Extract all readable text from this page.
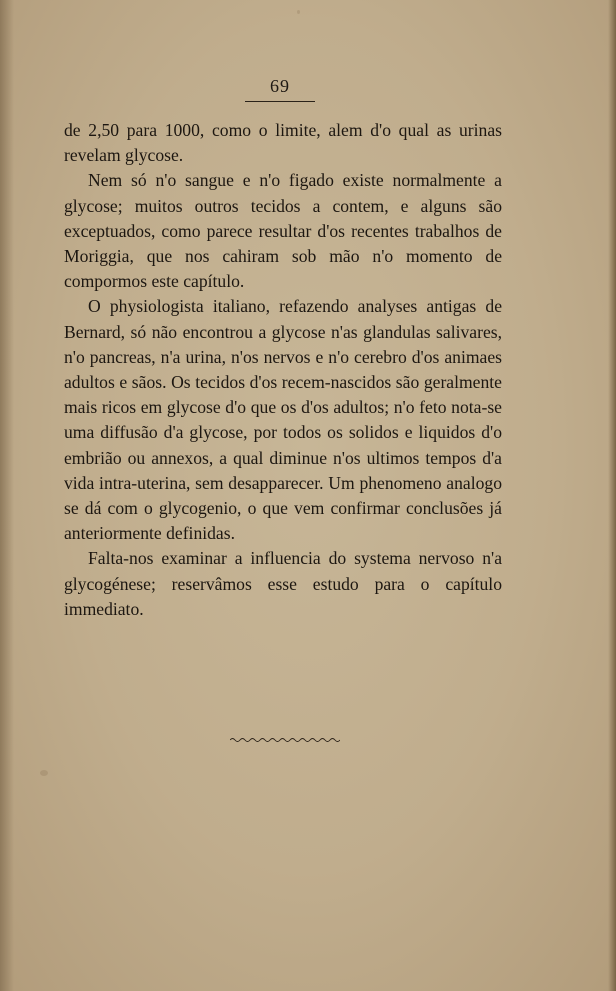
69

de 2,50 para 1000, como o limite, alem d'o qual as urinas revelam glycose.

Nem só n'o sangue e n'o figado existe normalmente a glycose; muitos outros tecidos a contem, e alguns são exceptuados, como parece resultar d'os recentes trabalhos de Moriggia, que nos cahiram sob mão n'o momento de compormos este capítulo.

O physiologista italiano, refazendo analyses antigas de Bernard, só não encontrou a glycose n'as glandulas salivares, n'o pancreas, n'a urina, n'os nervos e n'o cerebro d'os animaes adultos e sãos. Os tecidos d'os recem-nascidos são geralmente mais ricos em glycose d'o que os d'os adultos; n'o feto nota-se uma diffusão d'a glycose, por todos os solidos e liquidos d'o embrião ou annexos, a qual diminue n'os ultimos tempos d'a vida intra-uterina, sem desapparecer. Um phenomeno analogo se dá com o glycogenio, o que vem confirmar conclusões já anteriormente definidas.

Falta-nos examinar a influencia do systema nervoso n'a glycogénese; reservâmos esse estudo para o capítulo immediato.
